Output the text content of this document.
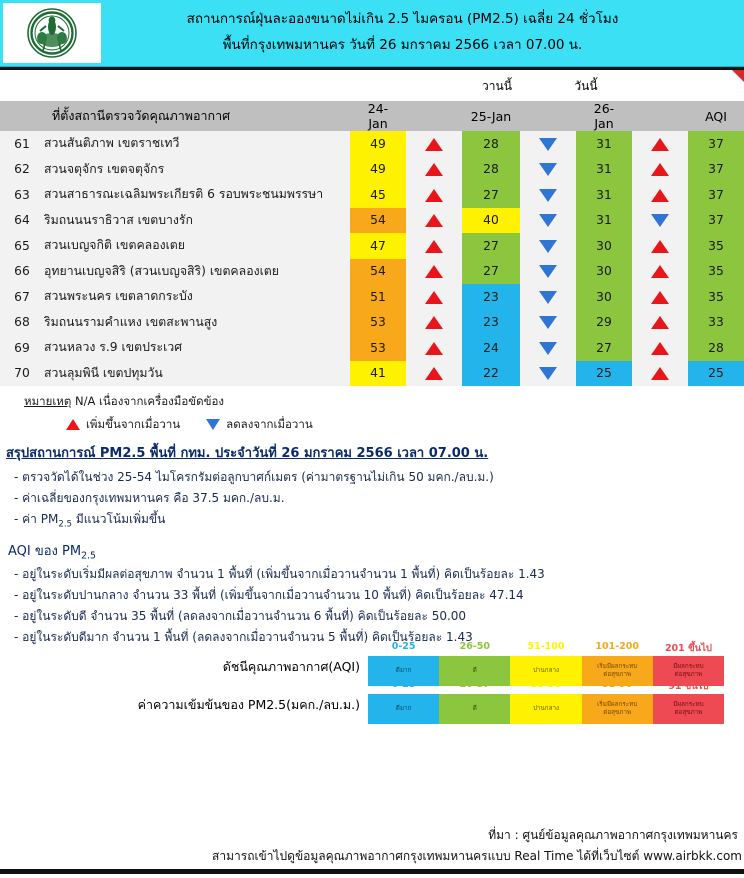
สถานการณ์ฝุ่นละอองขนาดไม่เกิน 2.5 ไมครอน (PM2.5) เฉลี่ย 24 ชั่วโมง
พื้นที่กรุงเทพมหานคร วันที่ 26 มกราคม 2566 เวลา 07.00 น.
วานนี้	วันนี้
	ที่ตั้งสถานีตรวจวัดคุณภาพอากาศ	24-Jan		25-Jan		26-Jan		AQI
61	สวนสันติภาพ เขตราชเทวี	49		28		31		37
62	สวนจตุจักร เขตจตุจักร	49		28		31		37
63	สวนสาธารณะเฉลิมพระเกียรติ 6 รอบพระชนมพรรษา	45		27		31		37
64	ริมถนนนราธิวาส เขตบางรัก	54		40		31		37
65	สวนเบญจกิติ เขตคลองเตย	47		27		30		35
66	อุทยานเบญจสิริ (สวนเบญจสิริ) เขตคลองเตย	54		27		30		35
67	สวนพระนคร เขตลาดกระบัง	51		23		30		35
68	ริมถนนรามคำแหง เขตสะพานสูง	53		23		29		33
69	สวนหลวง ร.9 เขตประเวศ	53		24		27		28
70	สวนลุมพินี เขตปทุมวัน	41		22		25		25
หมายเหตุ N/A เนื่องจากเครื่องมือขัดข้อง
เพิ่มขึ้นจากเมื่อวาน	ลดลงจากเมื่อวาน
สรุปสถานการณ์ PM2.5 พื้นที่ กทม. ประจำวันที่ 26 มกราคม 2566 เวลา 07.00 น.
- ตรวจวัดได้ในช่วง 25-54 ไมโครกรัมต่อลูกบาศก์เมตร (ค่ามาตรฐานไม่เกิน 50 มคก./ลบ.ม.)
- ค่าเฉลี่ยของกรุงเทพมหานคร คือ 37.5 มคก./ลบ.ม.
- ค่า $PM_{2.5}$ มีแนวโน้มเพิ่มขึ้น
AQI ของ $PM_{2.5}$
- อยู่ในระดับเริ่มมีผลต่อสุขภาพ จำนวน 1 พื้นที่ (เพิ่มขึ้นจากเมื่อวานจำนวน 1 พื้นที่) คิดเป็นร้อยละ 1.43
- อยู่ในระดับปานกลาง จำนวน 33 พื้นที่ (เพิ่มขึ้นจากเมื่อวานจำนวน 10 พื้นที่) คิดเป็นร้อยละ 47.14
- อยู่ในระดับดี จำนวน 35 พื้นที่ (ลดลงจากเมื่อวานจำนวน 6 พื้นที่) คิดเป็นร้อยละ 50.00
- อยู่ในระดับดีมาก จำนวน 1 พื้นที่ (ลดลงจากเมื่อวานจำนวน 5 พื้นที่) คิดเป็นร้อยละ 1.43
ดัชนีคุณภาพอากาศ(AQI)
0-25
ดีมาก
26-50
ดี
51-100
ปานกลาง
101-200
เริ่มมีผลกระทบ
ต่อสุขภาพ
201 ขึ้นไป
มีผลกระทบ
ต่อสุขภาพ
ค่าความเข้มข้นของ PM2.5(มคก./ลบ.ม.)
0-25
ดีมาก
26-37
ดี
38-50
ปานกลาง
51-90
เริ่มมีผลกระทบ
ต่อสุขภาพ
91 ขึ้นไป
มีผลกระทบ
ต่อสุขภาพ
ที่มา : ศูนย์ข้อมูลคุณภาพอากาศกรุงเทพมหานคร
สามารถเข้าไปดูข้อมูลคุณภาพอากาศกรุงเทพมหานครแบบ Real Time ได้ที่เว็บไซต์ www.airbkk.com
